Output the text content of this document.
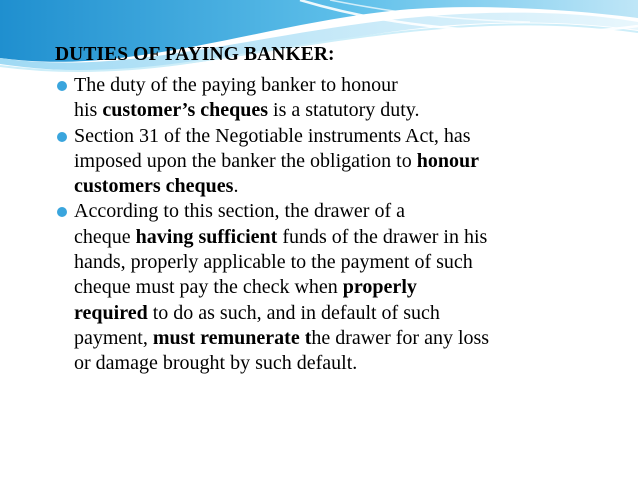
DUTIES OF PAYING BANKER:
The duty of the paying banker to honour
his customer’s cheques is a statutory duty.
Section 31 of the Negotiable instruments Act, has
imposed upon the banker the obligation to honour
customers cheques.
According to this section, the drawer of a
cheque having sufficient funds of the drawer in his
hands, properly applicable to the payment of such
cheque must pay the check when properly
required to do as such, and in default of such
payment, must remunerate the drawer for any loss
or damage brought by such default.
